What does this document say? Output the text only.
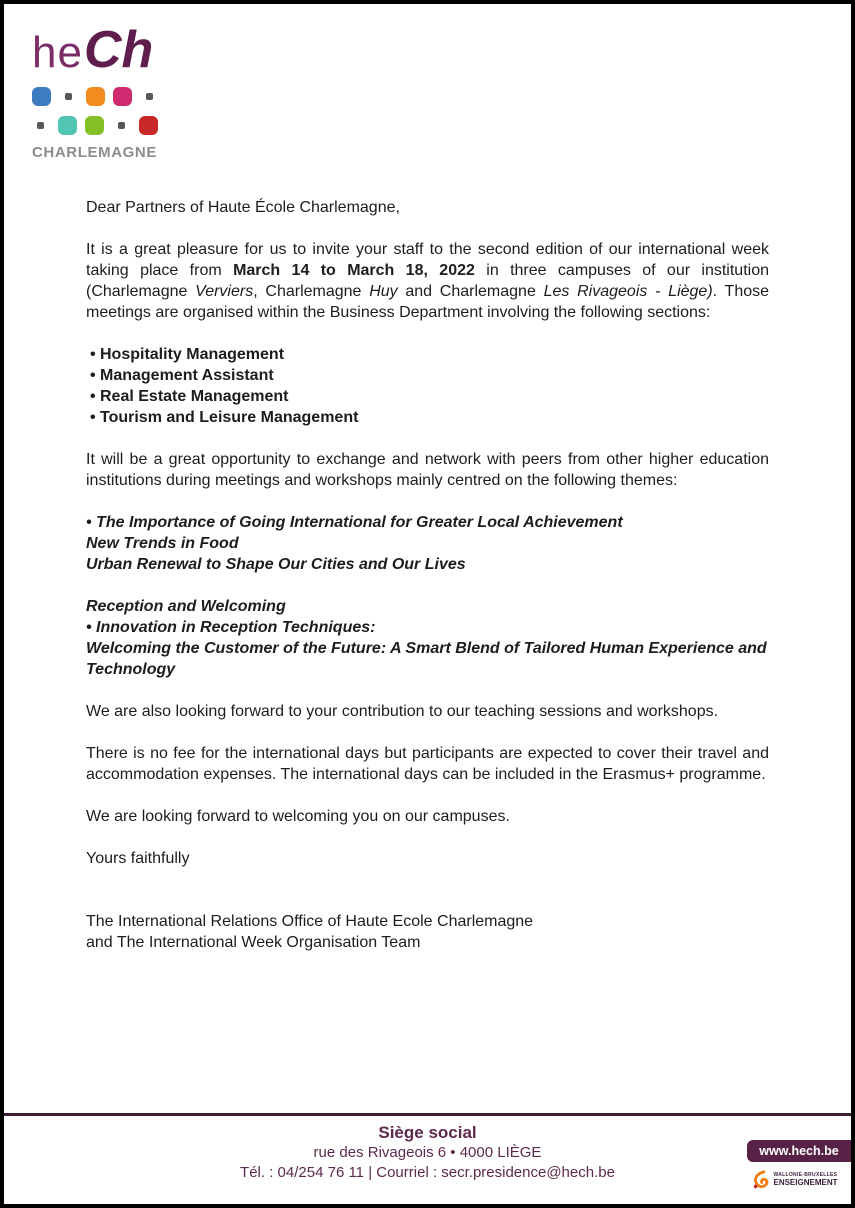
heCh
CHARLEMAGNE

Dear Partners of Haute École Charlemagne,

It is a great pleasure for us to invite your staff to the second edition of our international week taking place from March 14 to March 18, 2022 in three campuses of our institution (Charlemagne Verviers, Charlemagne Huy and Charlemagne Les Rivageois - Liège). Those meetings are organised within the Business Department involving the following sections:

• Hospitality Management
• Management Assistant
• Real Estate Management
• Tourism and Leisure Management

It will be a great opportunity to exchange and network with peers from other higher education institutions during meetings and workshops mainly centred on the following themes:

• The Importance of Going International for Greater Local Achievement
New Trends in Food
Urban Renewal to Shape Our Cities and Our Lives
Reception and Welcoming
• Innovation in Reception Techniques:
Welcoming the Customer of the Future: A Smart Blend of Tailored Human Experience and Technology

We are also looking forward to your contribution to our teaching sessions and workshops.

There is no fee for the international days but participants are expected to cover their travel and accommodation expenses. The international days can be included in the Erasmus+ programme.

We are looking forward to welcoming you on our campuses.

Yours faithfully

The International Relations Office of Haute Ecole Charlemagne
and The International Week Organisation Team
Siège social
rue des Rivageois 6 • 4000 LIÈGE
Tél. : 04/254 76 11 | Courriel : secr.presidence@hech.be
www.hech.be
WALLONIE-BRUXELLES
ENSEIGNEMENT
